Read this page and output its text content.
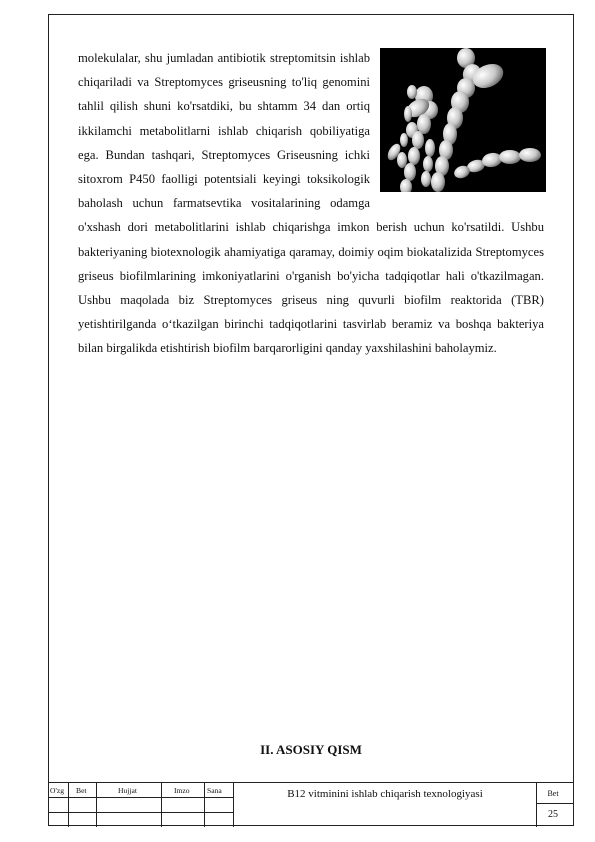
molekulalar, shu jumladan antibiotik streptomitsin ishlab chiqariladi va Streptomyces griseusning to'liq genomini tahlil qilish shuni ko'rsatdiki, bu shtamm 34 dan ortiq ikkilamchi metabolitlarni ishlab chiqarish qobiliyatiga ega. Bundan tashqari, Streptomyces Griseusning ichki sitoxrom P450 faolligi potentsiali keyingi toksikologik baholash uchun farmatsevtika vositalarining odamga o'xshash dori metabolitlarini ishlab chiqarishga imkon berish uchun ko'rsatildi. Ushbu bakteriyaning biotexnologik ahamiyatiga qaramay, doimiy oqim biokatalizida Streptomyces griseus biofilmlarining imkoniyatlarini o'rganish bo'yicha tadqiqotlar hali o'tkazilmagan. Ushbu maqolada biz Streptomyces griseus ning quvurli biofilm reaktorida (TBR) yetishtirilganda o‘tkazilgan birinchi tadqiqotlarini tasvirlab beramiz va boshqa bakteriya bilan birgalikda etishtirish biofilm barqarorligini qanday yaxshilashini baholaymiz.

II. ASOSIY QISM
O'zg Bet	Hujjat	Imzo Sana	B12 vitminini ishlab chiqarish texnologiyasi	Bet
25
